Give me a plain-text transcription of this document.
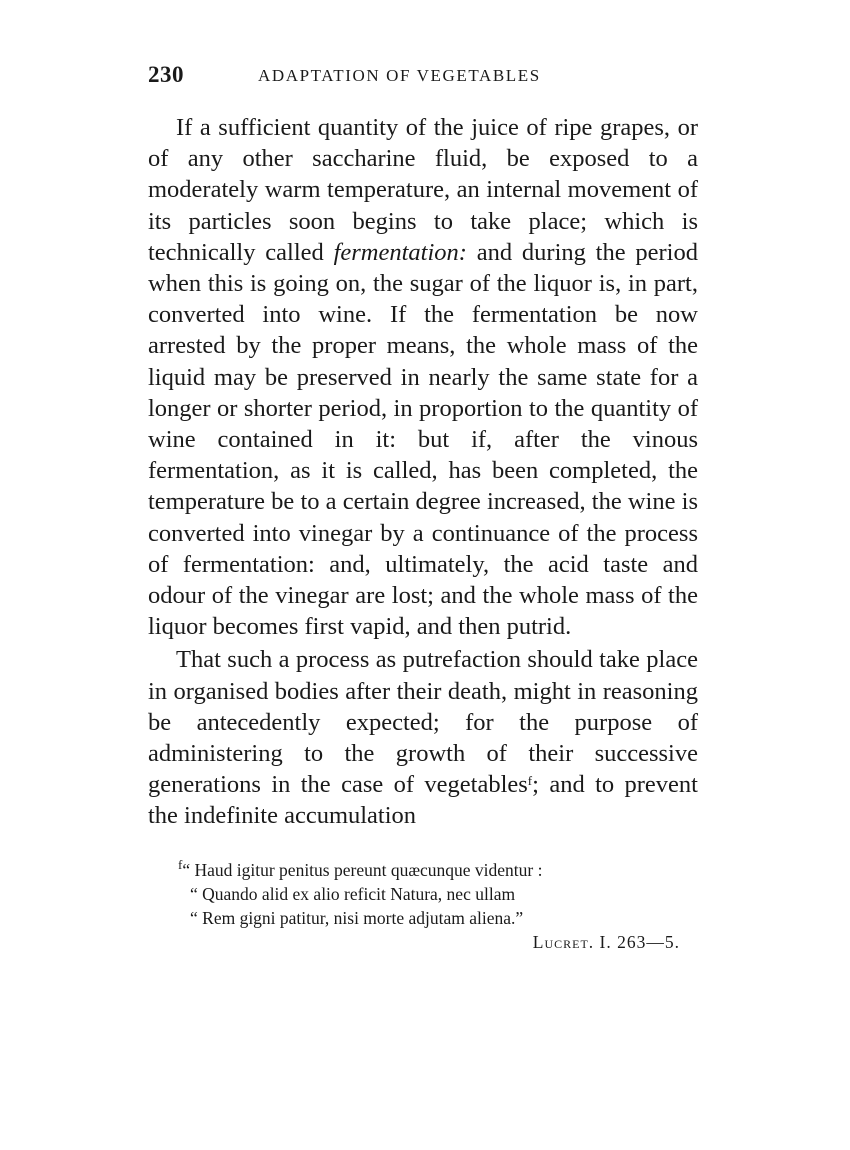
230	ADAPTATION OF VEGETABLES

If a sufficient quantity of the juice of ripe grapes, or of any other saccharine fluid, be exposed to a moderately warm temperature, an internal movement of its particles soon begins to take place; which is technically called fermentation: and during the period when this is going on, the sugar of the liquor is, in part, converted into wine. If the fermentation be now arrested by the proper means, the whole mass of the liquid may be preserved in nearly the same state for a longer or shorter period, in proportion to the quantity of wine contained in it: but if, after the vinous fermentation, as it is called, has been completed, the temperature be to a certain degree increased, the wine is converted into vinegar by a continuance of the process of fermentation: and, ultimately, the acid taste and odour of the vinegar are lost; and the whole mass of the liquor becomes first vapid, and then putrid.

That such a process as putrefaction should take place in organised bodies after their death, might in reasoning be antecedently expected; for the purpose of administering to the growth of their successive generations in the case of vegetables$^f$; and to prevent the indefinite accumulation

$^f$“ Haud igitur penitus pereunt quæcunque videntur :
“ Quando alid ex alio reficit Natura, nec ullam
“ Rem gigni patitur, nisi morte adjutam aliena.”
Lucret. I. 263—5.
